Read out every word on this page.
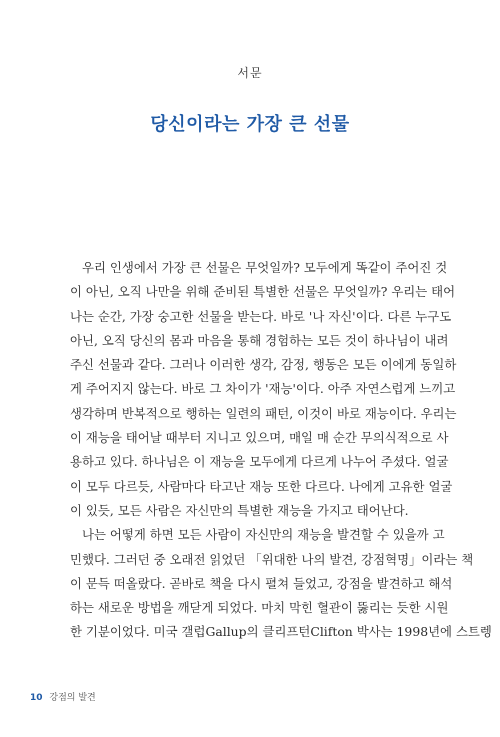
서문
당신이라는 가장 큰 선물
우리 인생에서 가장 큰 선물은 무엇일까? 모두에게 똑같이 주어진 것
이 아닌, 오직 나만을 위해 준비된 특별한 선물은 무엇일까? 우리는 태어
나는 순간, 가장 숭고한 선물을 받는다. 바로 '나 자신'이다. 다른 누구도
아닌, 오직 당신의 몸과 마음을 통해 경험하는 모든 것이 하나님이 내려
주신 선물과 같다. 그러나 이러한 생각, 감정, 행동은 모든 이에게 동일하
게 주어지지 않는다. 바로 그 차이가 '재능'이다. 아주 자연스럽게 느끼고
생각하며 반복적으로 행하는 일련의 패턴, 이것이 바로 재능이다. 우리는
이 재능을 태어날 때부터 지니고 있으며, 매일 매 순간 무의식적으로 사
용하고 있다. 하나님은 이 재능을 모두에게 다르게 나누어 주셨다. 얼굴
이 모두 다르듯, 사람마다 타고난 재능 또한 다르다. 나에게 고유한 얼굴
이 있듯, 모든 사람은 자신만의 특별한 재능을 가지고 태어난다.
나는 어떻게 하면 모든 사람이 자신만의 재능을 발견할 수 있을까 고
민했다. 그러던 중 오래전 읽었던 「위대한 나의 발견, 강점혁명」이라는 책
이 문득 떠올랐다. 곧바로 책을 다시 펼쳐 들었고, 강점을 발견하고 해석
하는 새로운 방법을 깨닫게 되었다. 마치 막힌 혈관이 뚫리는 듯한 시원
한 기분이었다. 미국 갤럽Gallup의 클리프턴Clifton 박사는 1998년에 스트렝
10 강점의 발견
